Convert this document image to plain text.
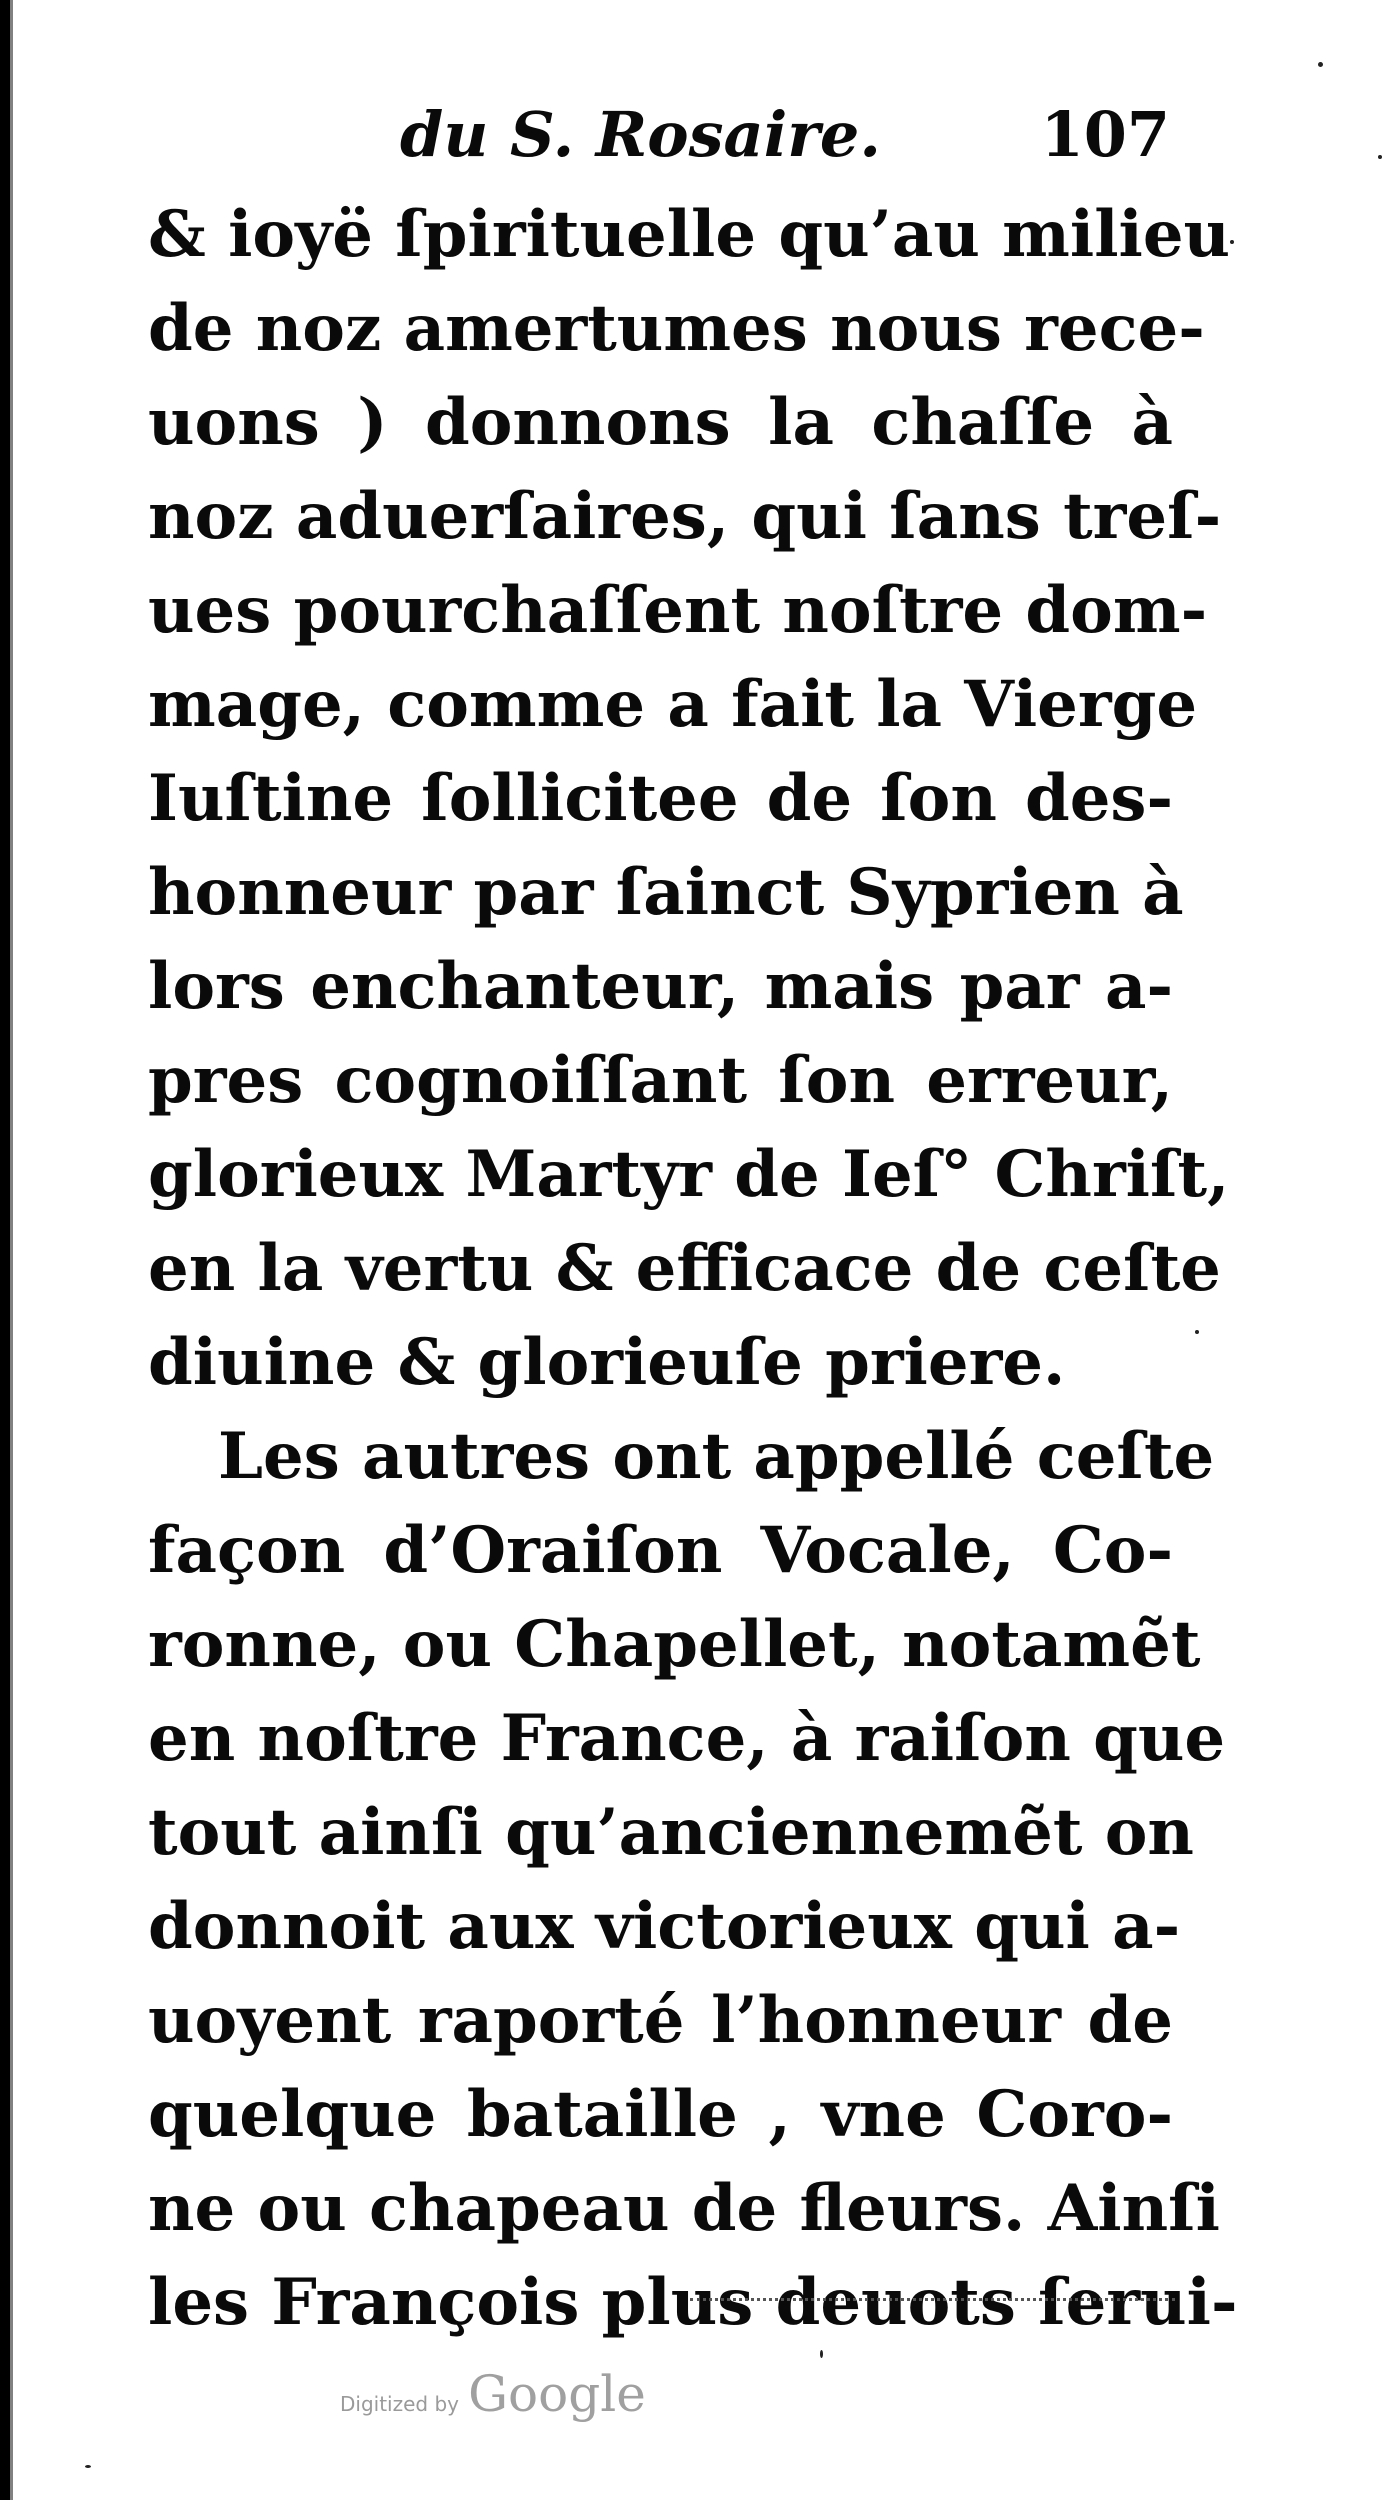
du S. Rosaire.	107
& ioyë ſpirituelle qu’au milieu
de noz amertumes nous rece-
uons ) donnons la chaſſe à
noz aduerſaires, qui ſans treſ-
ues pourchaſſent noſtre dom-
mage, comme a fait la Vierge
Iuſtine ſollicitee de ſon des-
honneur par ſainct Syprien à
lors enchanteur, mais par a-
pres cognoiſſant ſon erreur,
glorieux Martyr de Ieſ° Chriſt,
en la vertu & efficace de ceſte
diuine & glorieuſe priere.
Les autres ont appellé ceſte
façon d’Oraiſon Vocale, Co-
ronne, ou Chapellet, notamẽt
en noſtre France, à raiſon que
tout ainſi qu’anciennemẽt on
donnoit aux victorieux qui a-
uoyent raporté l’honneur de
quelque bataille , vne Coro-
ne ou chapeau de fleurs. Ainſi
les François plus deuots ſerui-
Digitized by Google
